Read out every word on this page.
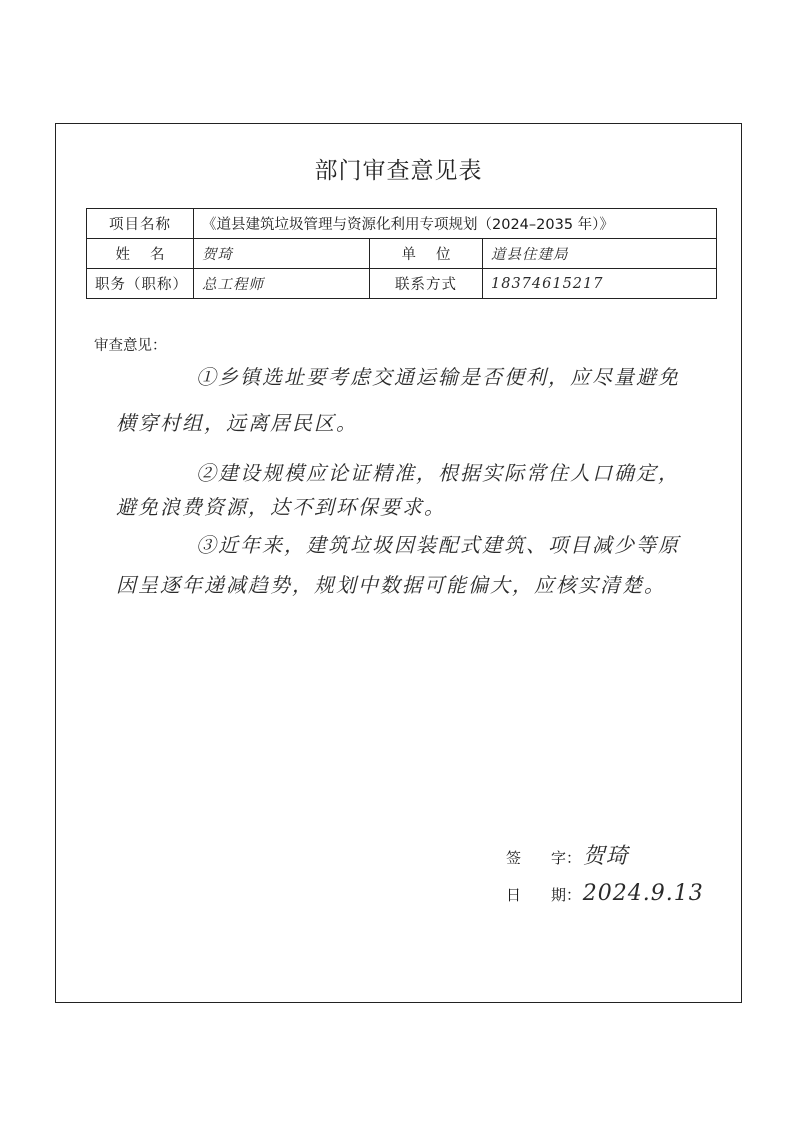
部门审查意见表
项目名称	《道县建筑垃圾管理与资源化利用专项规划（2024–2035 年）》		
姓名	贺琦	单位	道县住建局
职务（职称）	总工程师	联系方式	18374615217
审查意见：
①乡镇选址要考虑交通运输是否便利，应尽量避免
横穿村组，远离居民区。
②建设规模应论证精准，根据实际常住人口确定，
避免浪费资源，达不到环保要求。
③近年来，建筑垃圾因装配式建筑、项目减少等原
因呈逐年递减趋势，规划中数据可能偏大，应核实清楚。
签　　字： 贺琦
日　　期： 2024.9.13
